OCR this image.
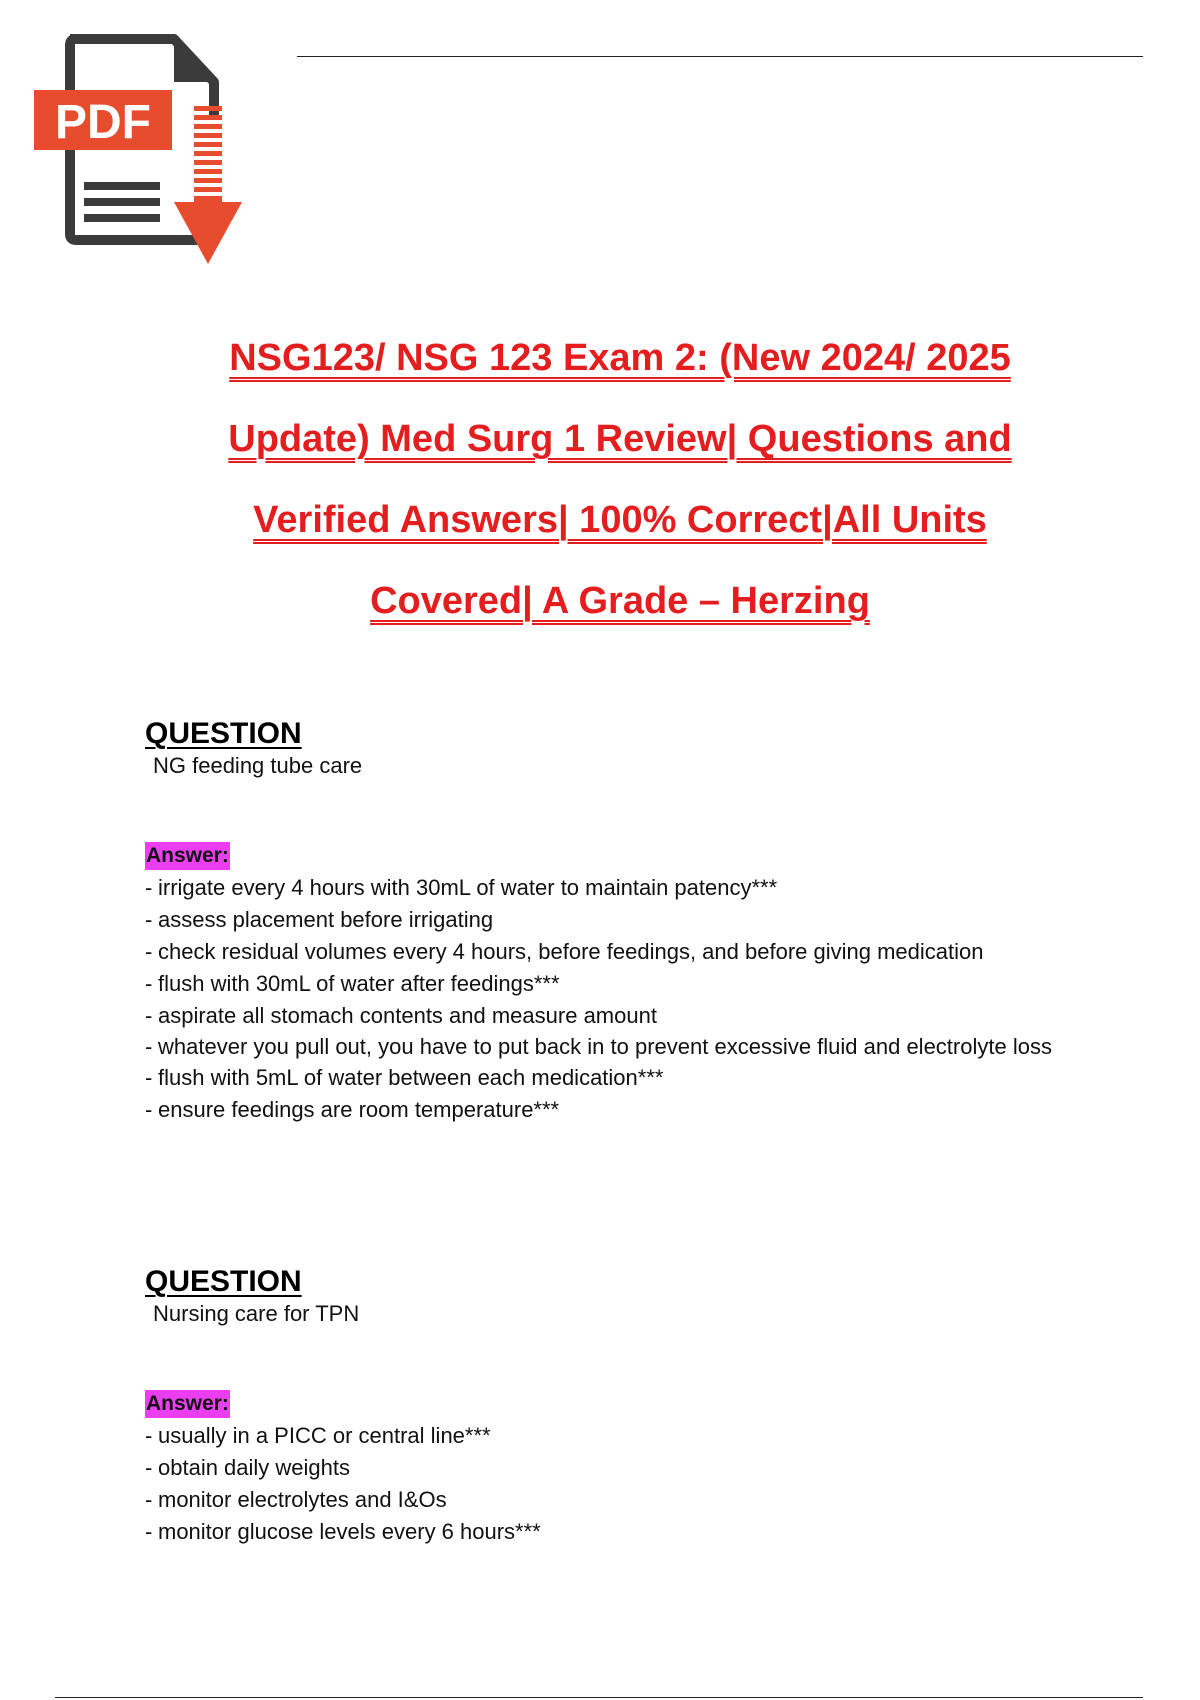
PDF
NSG123/ NSG 123 Exam 2: (New 2024/ 2025
Update) Med Surg 1 Review| Questions and
Verified Answers| 100% Correct|All Units
Covered| A Grade – Herzing
QUESTION
NG feeding tube care
Answer:
- irrigate every 4 hours with 30mL of water to maintain patency***
- assess placement before irrigating
- check residual volumes every 4 hours, before feedings, and before giving medication
- flush with 30mL of water after feedings***
- aspirate all stomach contents and measure amount
- whatever you pull out, you have to put back in to prevent excessive fluid and electrolyte loss
- flush with 5mL of water between each medication***
- ensure feedings are room temperature***
QUESTION
Nursing care for TPN
Answer:
- usually in a PICC or central line***
- obtain daily weights
- monitor electrolytes and I&Os
- monitor glucose levels every 6 hours***
